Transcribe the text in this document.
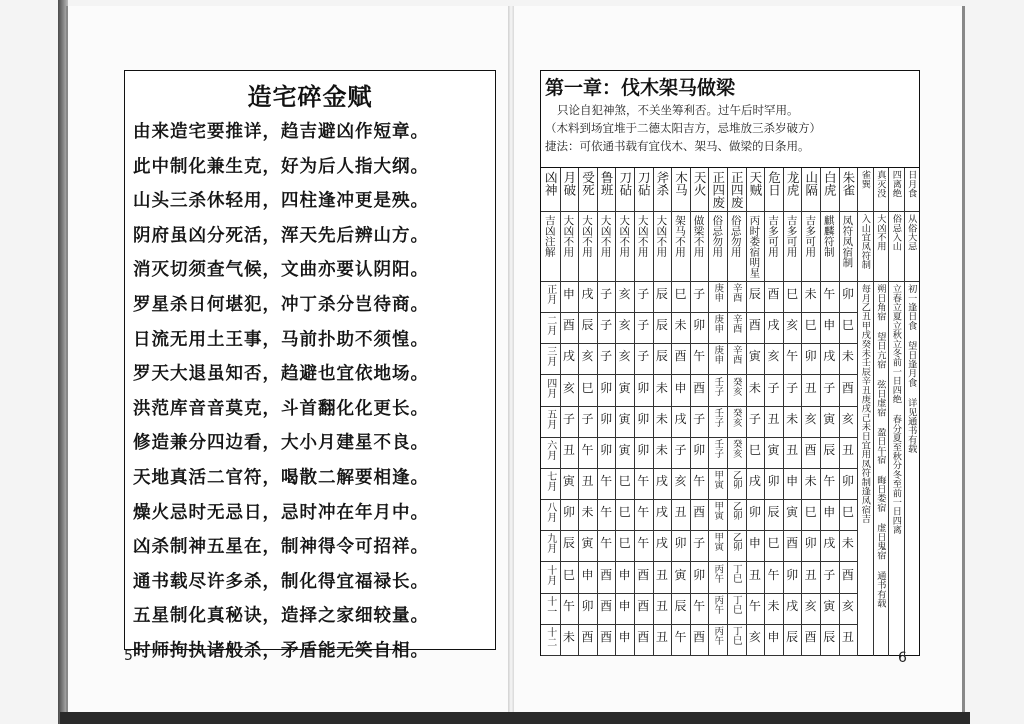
造宅碎金赋
由来造宅要推详，趋吉避凶作短章。
此中制化兼生克，好为后人指大纲。
山头三杀休轻用，四柱逢冲更是殃。
阴府虽凶分死活，浑天先后辨山方。
消灭切须查气候，文曲亦要认阴阳。
罗星杀日何堪犯，冲丁杀分岂待商。
日流无用土王事，马前扑助不须惶。
罗天大退虽知否，趋避也宜依地场。
洪范库音音莫克，斗首翻化化更长。
修造兼分四边看，大小月建星不良。
天地真活二官符，喝散二解要相逢。
燥火忌时无忌日，忌时冲在年月中。
凶杀制神五星在，制神得令可招祥。
通书载尽许多杀，制化得宜福禄长。
五星制化真秘诀，造择之家细较量。
时师拘执诸般杀，矛盾能无笑自相。
5
第一章：伐木架马做梁
只论自犯神煞，不关坐筹利否。过午后时罕用。
（木料到场宜堆于二德太阳吉方，忌堆放三杀岁破方）
捷法：可依通书载有宜伐木、架马、做梁的日条用。
凶神
吉凶注解
正月
二月
三月
四月
五月
六月
七月
八月
九月
十月
十一
十二
月破
大凶不用
申
酉
戌
亥
子
丑
寅
卯
辰
巳
午
未
受死
大凶不用
戌
辰
亥
巳
子
午
丑
未
寅
申
卯
酉
鲁班
大凶不用
子
子
子
卯
卯
卯
午
午
午
酉
酉
酉
刀砧
大凶不用
亥
亥
亥
寅
寅
寅
巳
巳
巳
申
申
申
刀砧
大凶不用
子
子
子
卯
卯
卯
午
午
午
酉
酉
酉
斧杀
大凶不用
辰
辰
辰
未
未
未
戌
戌
戌
丑
丑
丑
木马
架马不用
巳
未
酉
申
戌
子
亥
丑
卯
寅
辰
午
天火
做梁不用
子
卯
午
酉
子
卯
午
酉
子
卯
午
酉
正四废
俗忌勿用
庚申
庚申
庚申
壬子
壬子
壬子
甲寅
甲寅
甲寅
丙午
丙午
丙午
正四废
俗忌勿用
辛酉
辛酉
辛酉
癸亥
癸亥
癸亥
乙卯
乙卯
乙卯
丁巳
丁巳
丁巳
天贼
丙时娄宿明星
辰
酉
寅
未
子
巳
戌
卯
申
丑
午
亥
危日
吉多可用
酉
戌
亥
子
丑
寅
卯
辰
巳
午
未
申
龙虎
吉多可用
巳
亥
午
子
未
丑
申
寅
酉
卯
戌
辰
山隔
吉多可用
未
巳
卯
丑
亥
酉
未
巳
卯
丑
亥
酉
白虎
麒麟符制
午
申
戌
子
寅
辰
午
申
戌
子
寅
辰
朱雀
凤符凤宿制
卯
巳
未
酉
亥
丑
卯
巳
未
酉
亥
丑
雀巽
入山宜凤符制
每月乙丑甲戌癸未壬辰辛丑庚戌己未日宜用凤符制逢凤宿吉
真灭没
大凶不用
朔日角宿 望日亢宿 弦日虚宿 盈日午宿 晦日娄宿 虚日鬼宿 通书有载
四离绝
俗忌入山
立春立夏立秋立冬前一日四绝 春分夏至秋分冬至前一日四离
日月食
从俗大忌
初一逢日食 望日逢月食 详见通书有载
6
